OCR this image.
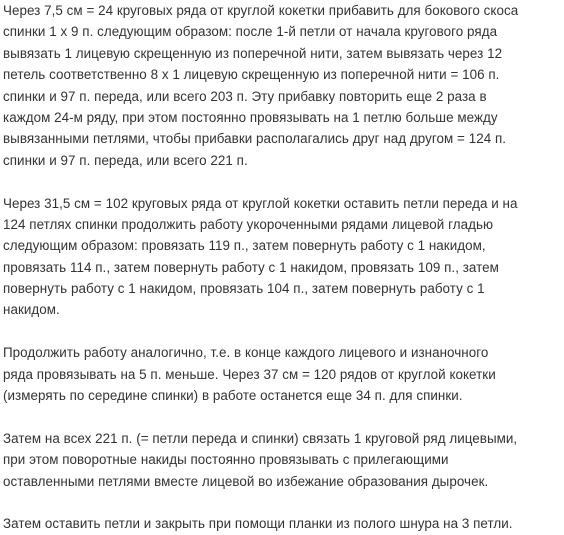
Через 7,5 см = 24 круговых ряда от круглой кокетки прибавить для бокового скоса
спинки 1 х 9 п. следующим образом: после 1-й петли от начала кругового ряда
вывязать 1 лицевую скрещенную из поперечной нити, затем вывязать через 12
петель соответственно 8 х 1 лицевую скрещенную из поперечной нити = 106 п.
спинки и 97 п. переда, или всего 203 п. Эту прибавку повторить еще 2 раза в
каждом 24-м ряду, при этом постоянно провязывать на 1 петлю больше между
вывязанными петлями, чтобы прибавки располагались друг над другом = 124 п.
спинки и 97 п. переда, или всего 221 п.
Через 31,5 см = 102 круговых ряда от круглой кокетки оставить петли переда и на
124 петлях спинки продолжить работу укороченными рядами лицевой гладью
следующим образом: провязать 119 п., затем повернуть работу с 1 накидом,
провязать 114 п., затем повернуть работу с 1 накидом, провязать 109 п., затем
повернуть работу с 1 накидом, провязать 104 п., затем повернуть работу с 1
накидом.
Продолжить работу аналогично, т.е. в конце каждого лицевого и изнаночного
ряда провязывать на 5 п. меньше. Через 37 см = 120 рядов от круглой кокетки
(измерять по середине спинки) в работе останется еще 34 п. для спинки.
Затем на всех 221 п. (= петли переда и спинки) связать 1 круговой ряд лицевыми,
при этом поворотные накиды постоянно провязывать с прилегающими
оставленными петлями вместе лицевой во избежание образования дырочек.
Затем оставить петли и закрыть при помощи планки из полого шнура на 3 петли.
